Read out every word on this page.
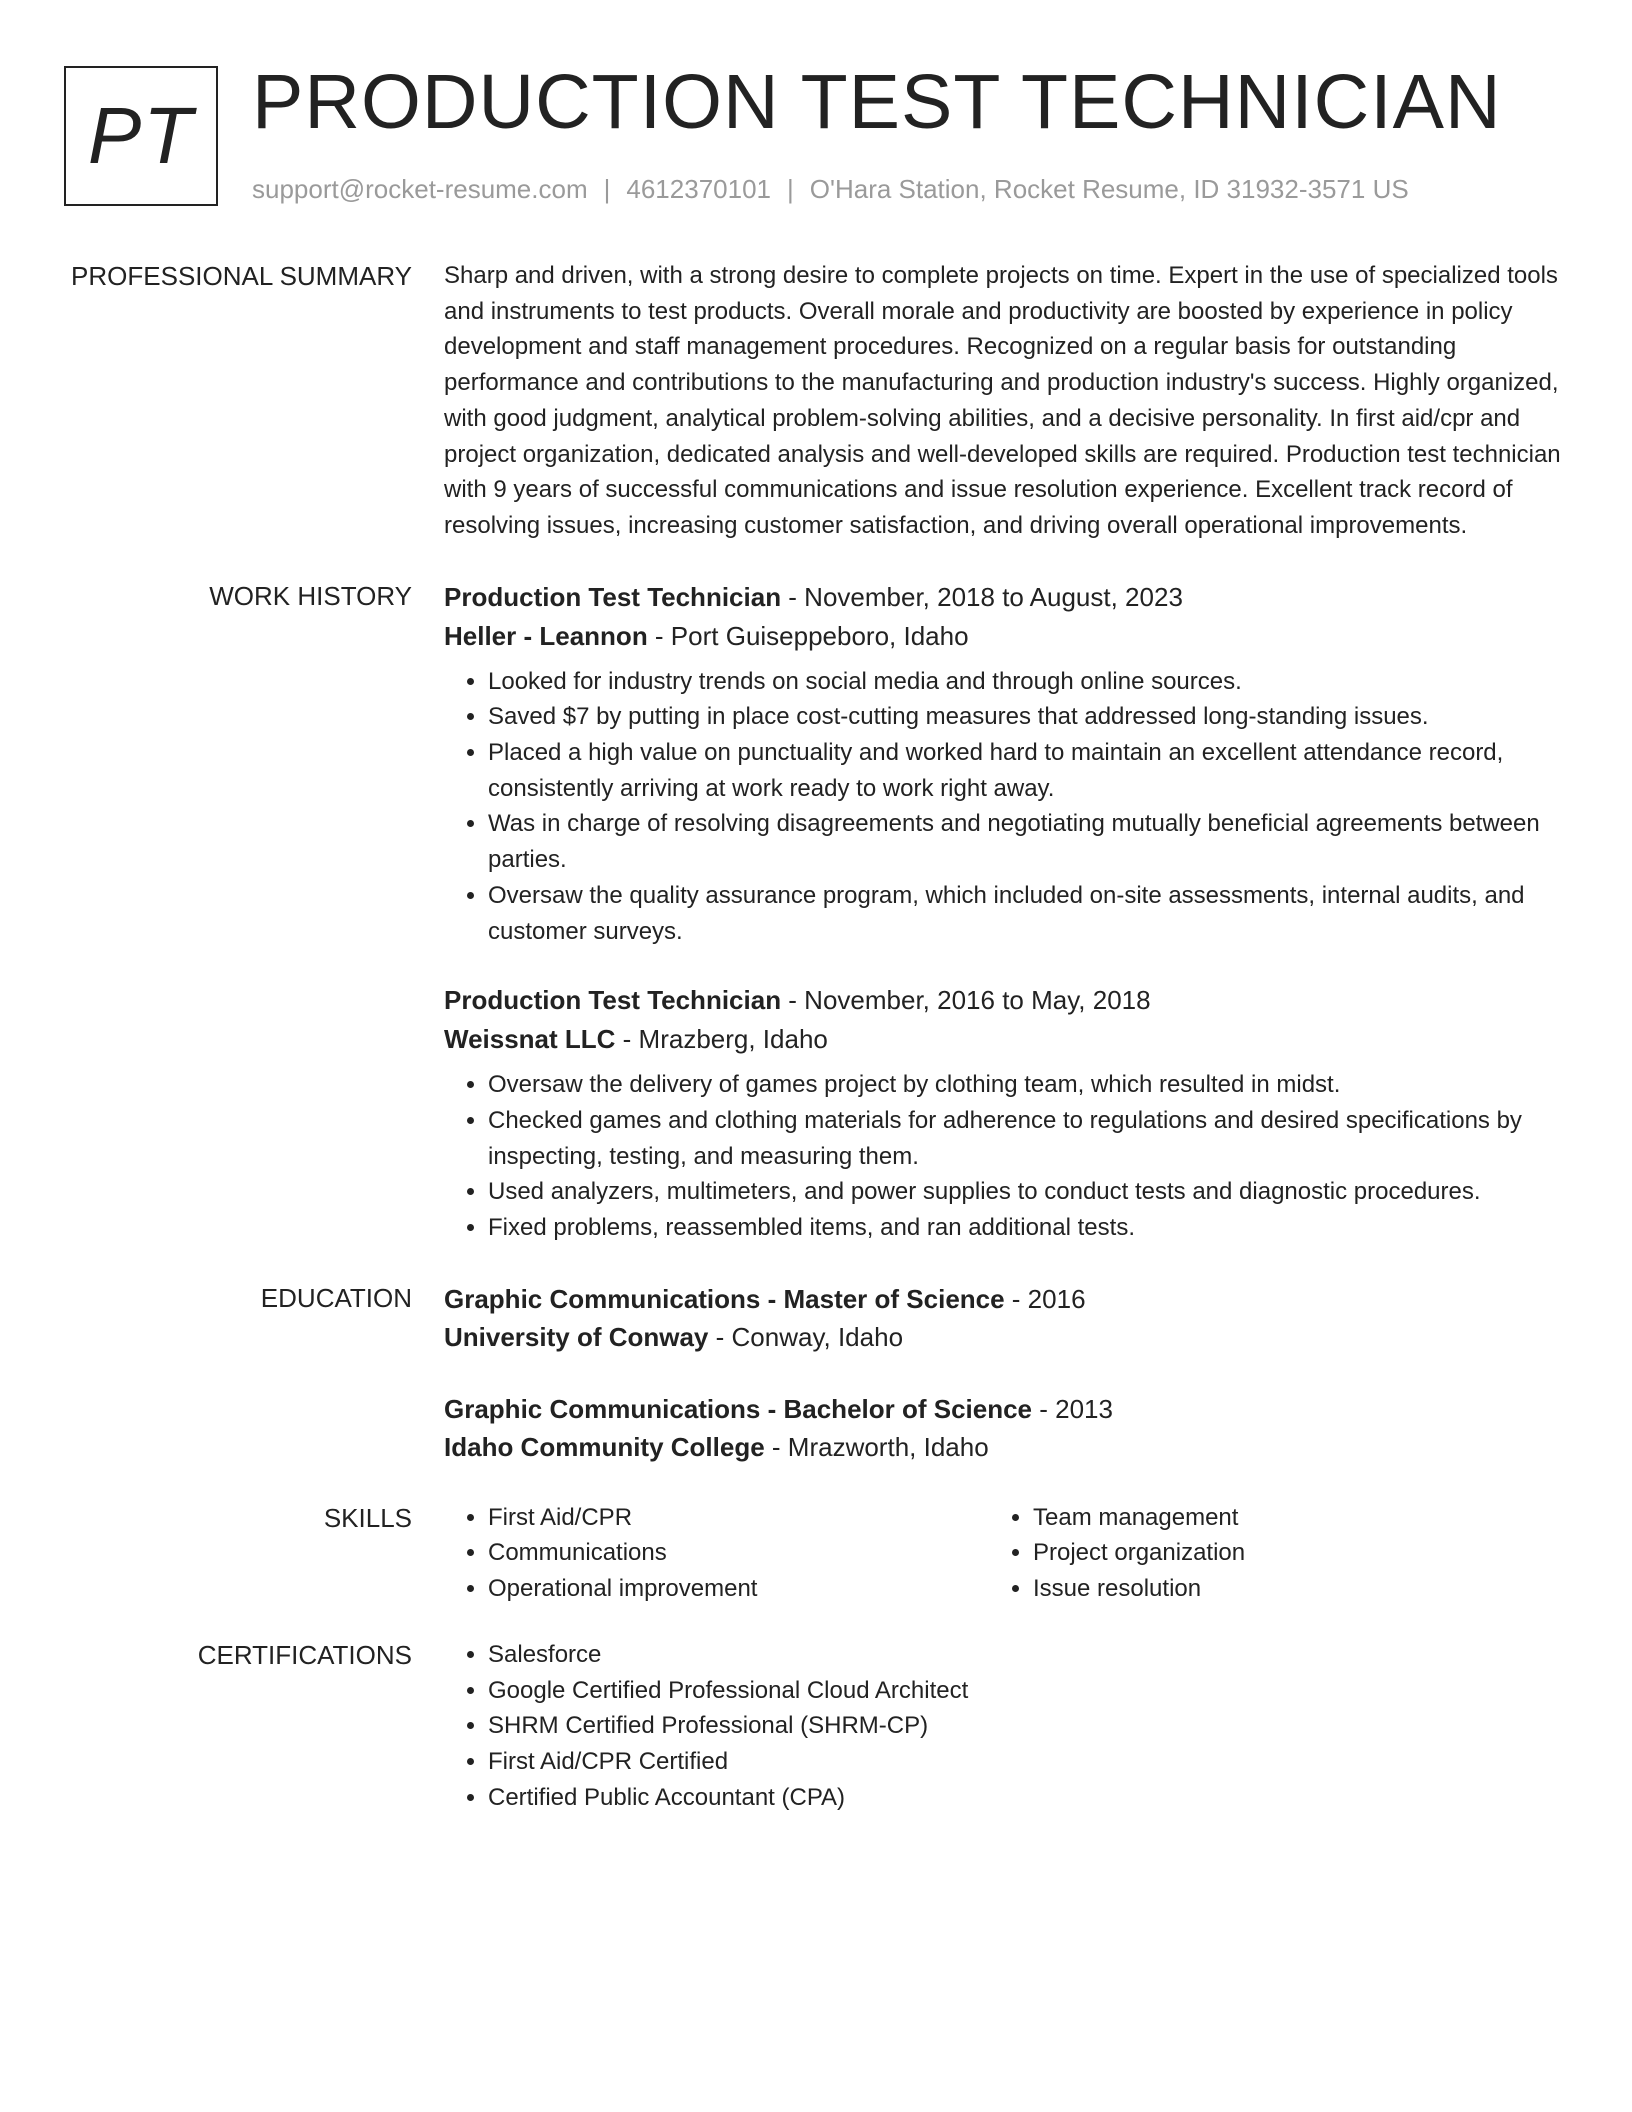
PT PRODUCTION TEST TECHNICIAN
support@rocket-resume.com | 4612370101 | O'Hara Station, Rocket Resume, ID 31932-3571 US
PROFESSIONAL SUMMARY Sharp and driven, with a strong desire to complete projects on time. Expert in the use of specialized tools and instruments to test products. Overall morale and productivity are boosted by experience in policy development and staff management procedures. Recognized on a regular basis for outstanding performance and contributions to the manufacturing and production industry's success. Highly organized, with good judgment, analytical problem-solving abilities, and a decisive personality. In first aid/cpr and project organization, dedicated analysis and well-developed skills are required. Production test technician with 9 years of successful communications and issue resolution experience. Excellent track record of resolving issues, increasing customer satisfaction, and driving overall operational improvements.

WORK HISTORY Production Test Technician - November, 2018 to August, 2023
Heller - Leannon - Port Guiseppeboro, Idaho
• Looked for industry trends on social media and through online sources.
• Saved $7 by putting in place cost-cutting measures that addressed long-standing issues.
• Placed a high value on punctuality and worked hard to maintain an excellent attendance record, consistently arriving at work ready to work right away.
• Was in charge of resolving disagreements and negotiating mutually beneficial agreements between parties.
• Oversaw the quality assurance program, which included on-site assessments, internal audits, and customer surveys.
Production Test Technician - November, 2016 to May, 2018
Weissnat LLC - Mrazberg, Idaho
• Oversaw the delivery of games project by clothing team, which resulted in midst.
• Checked games and clothing materials for adherence to regulations and desired specifications by inspecting, testing, and measuring them.
• Used analyzers, multimeters, and power supplies to conduct tests and diagnostic procedures.
• Fixed problems, reassembled items, and ran additional tests.
EDUCATION Graphic Communications - Master of Science - 2016
University of Conway - Conway, Idaho
Graphic Communications - Bachelor of Science - 2013
Idaho Community College - Mrazworth, Idaho
SKILLS	• First Aid/CPR
• Communications
• Operational improvement
• Team management
• Project organization
• Issue resolution
CERTIFICATIONS	• Salesforce
• Google Certified Professional Cloud Architect
• SHRM Certified Professional (SHRM-CP)
• First Aid/CPR Certified
• Certified Public Accountant (CPA)
